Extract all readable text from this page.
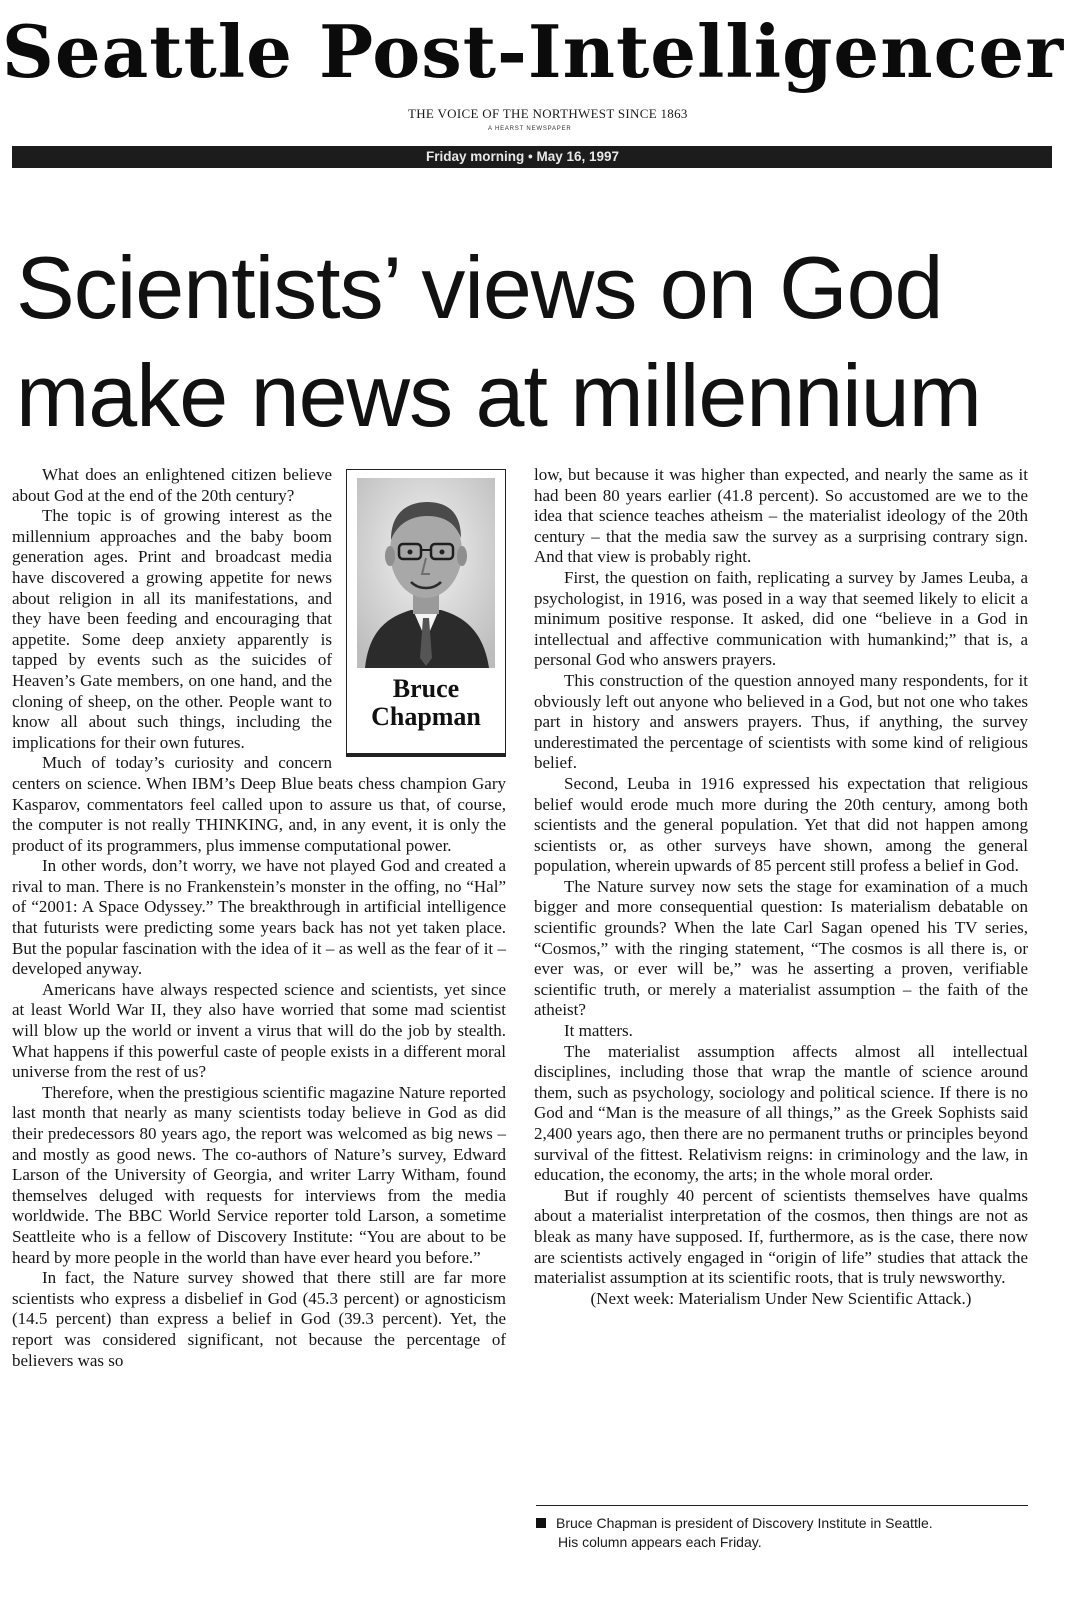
Seattle Post-Intelligencer
THE VOICE OF THE NORTHWEST SINCE 1863
A HEARST NEWSPAPER
Friday morning • May 16, 1997
Scientists’ views on God
make news at millennium
Bruce
Chapman

What does an enlightened citizen believe about God at the end of the 20th century?

The topic is of growing interest as the millennium approaches and the baby boom generation ages. Print and broadcast media have discovered a growing appetite for news about religion in all its manifestations, and they have been feeding and encouraging that appetite. Some deep anxiety apparently is tapped by events such as the suicides of Heaven’s Gate members, on one hand, and the cloning of sheep, on the other. People want to know all about such things, including the implications for their own futures.

Much of today’s curiosity and concern centers on science. When IBM’s Deep Blue beats chess champion Gary Kasparov, commentators feel called upon to assure us that, of course, the computer is not really THINKING, and, in any event, it is only the product of its programmers, plus immense computational power.

In other words, don’t worry, we have not played God and created a rival to man. There is no Frankenstein’s monster in the offing, no “Hal” of “2001: A Space Odyssey.” The breakthrough in artificial intelligence that futurists were predicting some years back has not yet taken place. But the popular fascination with the idea of it – as well as the fear of it – developed anyway.

Americans have always respected science and scientists, yet since at least World War II, they also have worried that some mad scientist will blow up the world or invent a virus that will do the job by stealth. What happens if this powerful caste of people exists in a different moral universe from the rest of us?

Therefore, when the prestigious scientific magazine Nature reported last month that nearly as many scientists today believe in God as did their predecessors 80 years ago, the report was welcomed as big news – and mostly as good news. The co-authors of Nature’s survey, Edward Larson of the University of Georgia, and writer Larry Witham, found themselves deluged with requests for interviews from the media worldwide. The BBC World Service reporter told Larson, a sometime Seattleite who is a fellow of Discovery Institute: “You are about to be heard by more people in the world than have ever heard you before.”

In fact, the Nature survey showed that there still are far more scientists who express a disbelief in God (45.3 percent) or agnosticism (14.5 percent) than express a belief in God (39.3 percent). Yet, the report was considered significant, not because the percentage of believers was so

low, but because it was higher than expected, and nearly the same as it had been 80 years earlier (41.8 percent). So accustomed are we to the idea that science teaches atheism – the materialist ideology of the 20th century – that the media saw the survey as a surprising contrary sign. And that view is probably right.

First, the question on faith, replicating a survey by James Leuba, a psychologist, in 1916, was posed in a way that seemed likely to elicit a minimum positive response. It asked, did one “believe in a God in intellectual and affective communication with humankind;” that is, a personal God who answers prayers.

This construction of the question annoyed many respondents, for it obviously left out anyone who believed in a God, but not one who takes part in history and answers prayers. Thus, if anything, the survey underestimated the percentage of scientists with some kind of religious belief.

Second, Leuba in 1916 expressed his expectation that religious belief would erode much more during the 20th century, among both scientists and the general population. Yet that did not happen among scientists or, as other surveys have shown, among the general population, wherein upwards of 85 percent still profess a belief in God.

The Nature survey now sets the stage for examination of a much bigger and more consequential question: Is materialism debatable on scientific grounds? When the late Carl Sagan opened his TV series, “Cosmos,” with the ringing statement, “The cosmos is all there is, or ever was, or ever will be,” was he asserting a proven, verifiable scientific truth, or merely a materialist assumption – the faith of the atheist?

It matters.

The materialist assumption affects almost all intellectual disciplines, including those that wrap the mantle of science around them, such as psychology, sociology and political science. If there is no God and “Man is the measure of all things,” as the Greek Sophists said 2,400 years ago, then there are no permanent truths or principles beyond survival of the fittest. Relativism reigns: in criminology and the law, in education, the economy, the arts; in the whole moral order.

But if roughly 40 percent of scientists themselves have qualms about a materialist interpretation of the cosmos, then things are not as bleak as many have supposed. If, furthermore, as is the case, there now are scientists actively engaged in “origin of life” studies that attack the materialist assumption at its scientific roots, that is truly newsworthy.

(Next week: Materialism Under New Scientific Attack.)

Bruce Chapman is president of Discovery Institute in Seattle.
His column appears each Friday.
